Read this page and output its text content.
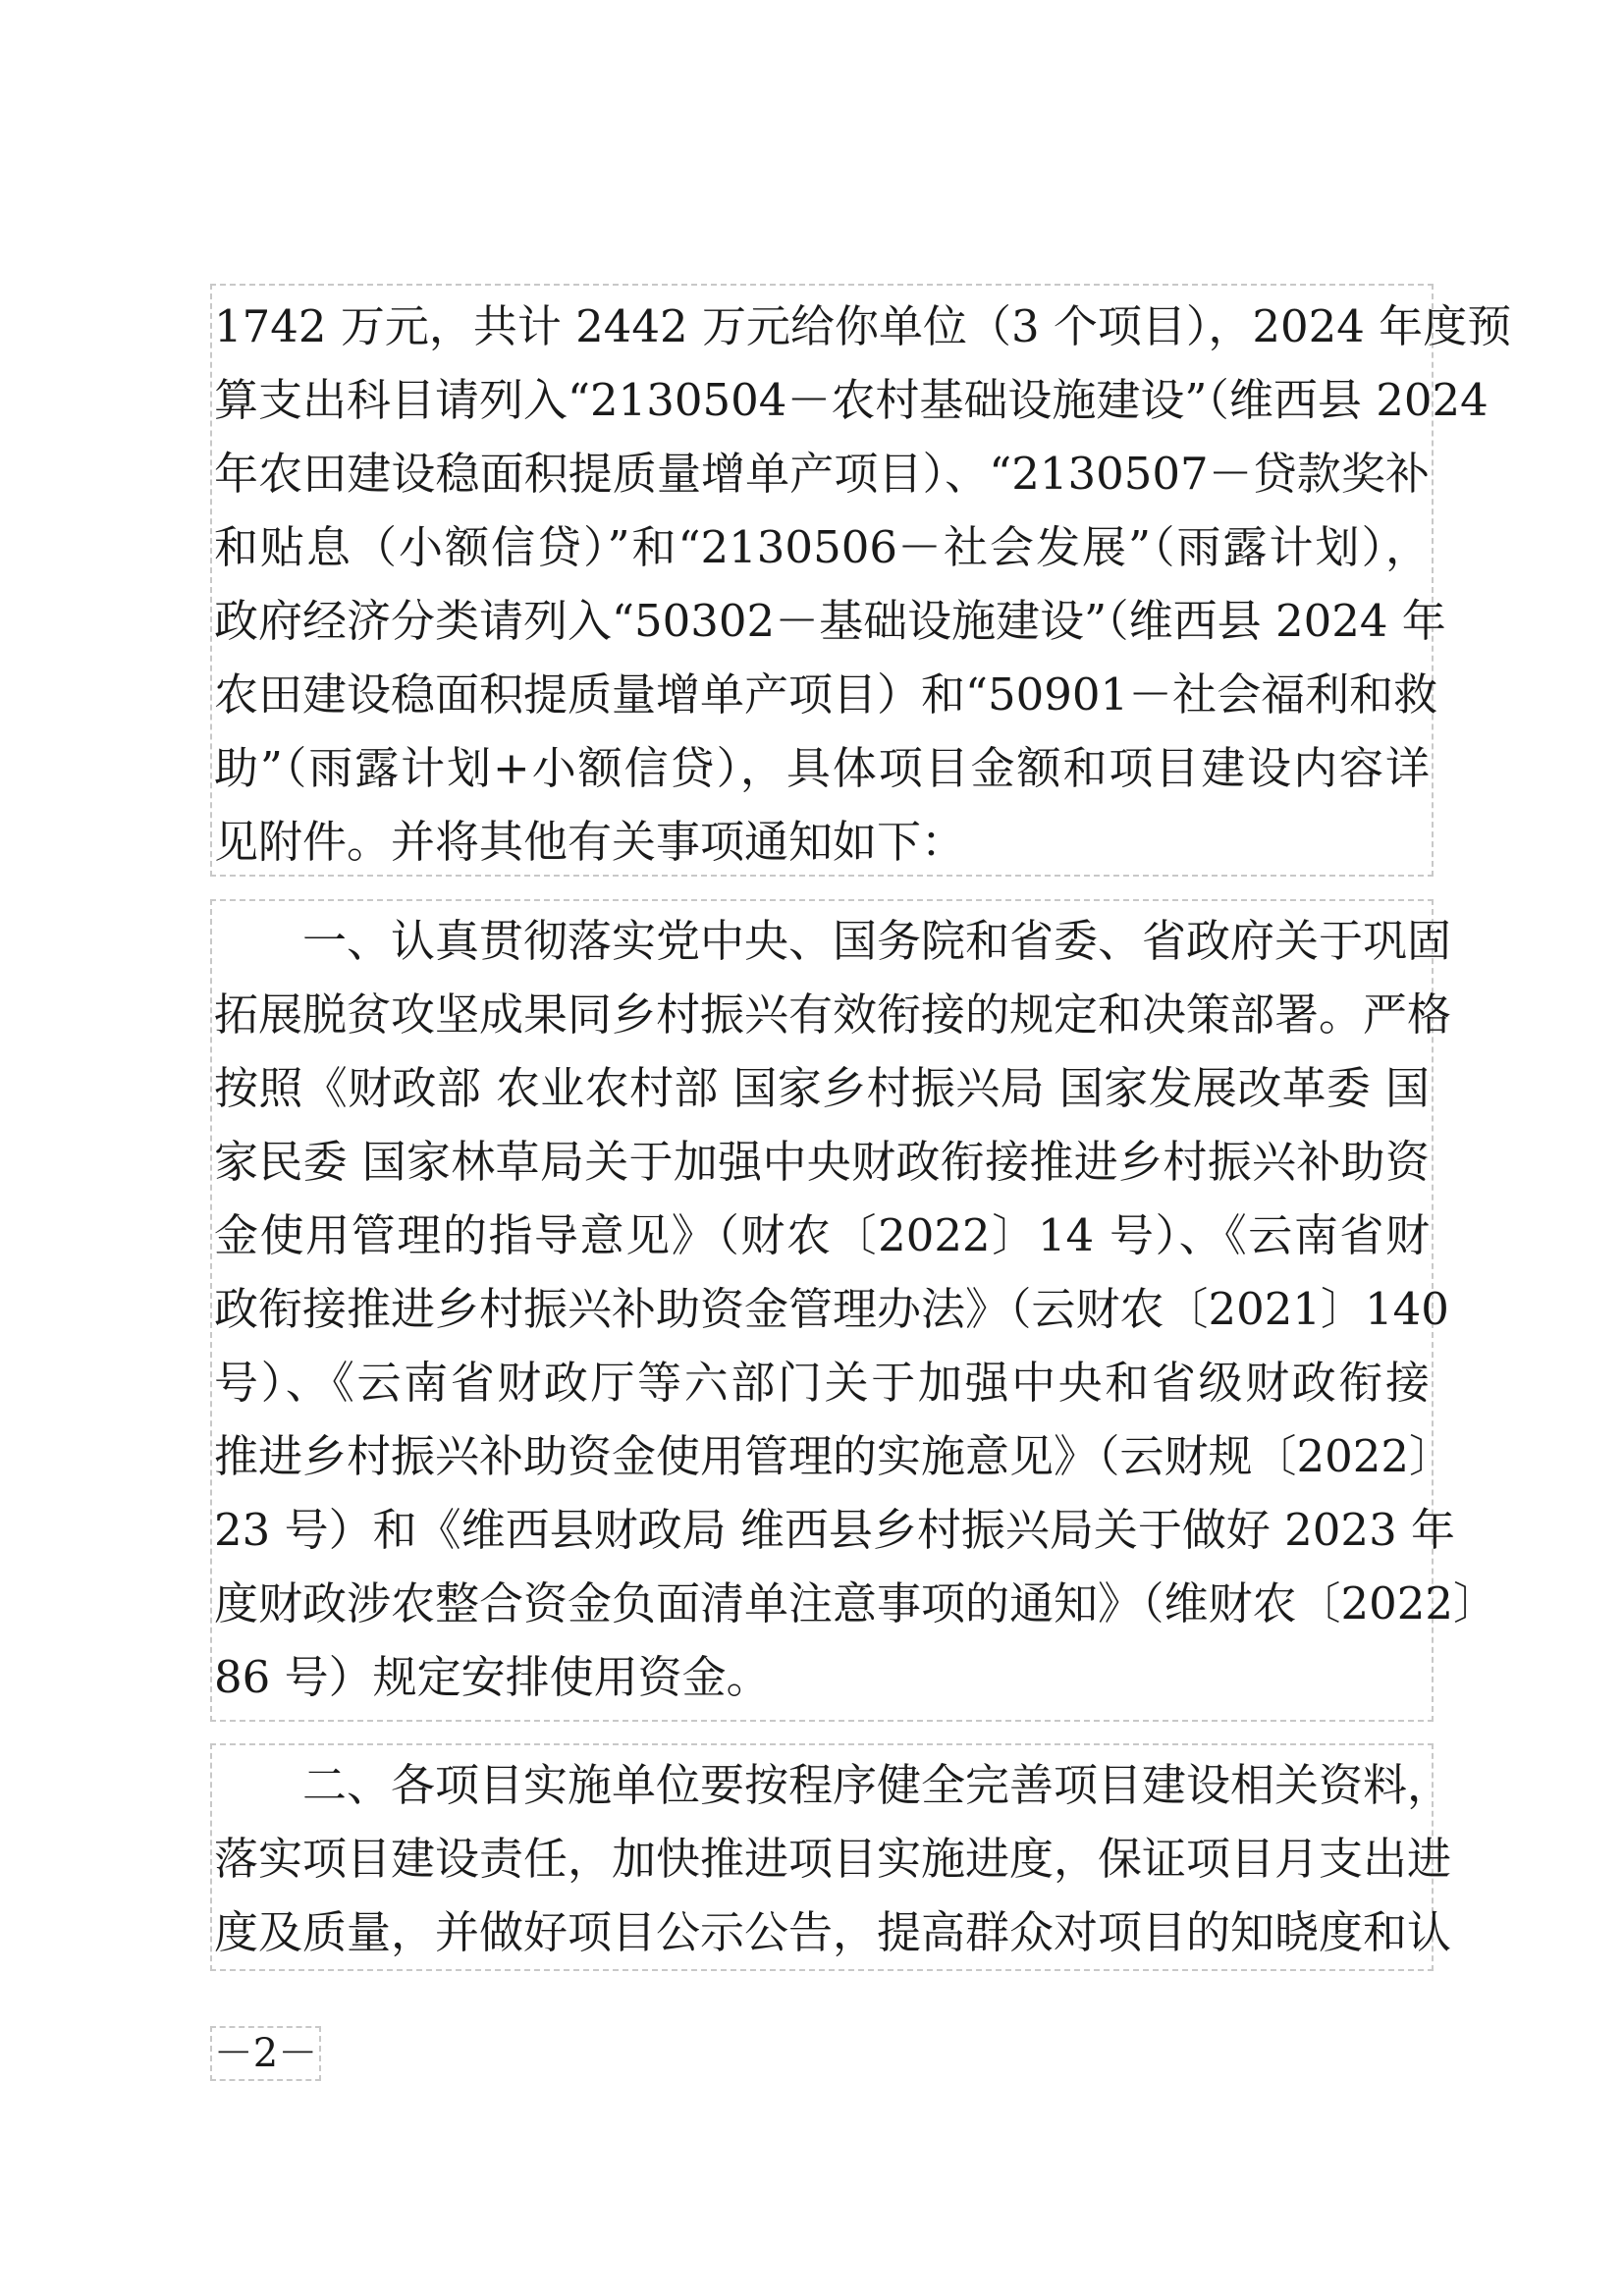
1742 万元，共计 2442 万元给你单位（3 个项目），2024 年度预
算支出科目请列入“2130504－农村基础设施建设”（维西县 2024
年农田建设稳面积提质量增单产项目）、“2130507－贷款奖补
和贴息（小额信贷）”和“2130506－社会发展”（雨露计划），
政府经济分类请列入“50302－基础设施建设”（维西县 2024 年
农田建设稳面积提质量增单产项目）和“50901－社会福利和救
助”（雨露计划+小额信贷），具体项目金额和项目建设内容详
见附件。并将其他有关事项通知如下：
　　一、认真贯彻落实党中央、国务院和省委、省政府关于巩固
拓展脱贫攻坚成果同乡村振兴有效衔接的规定和决策部署。严格
按照《财政部 农业农村部 国家乡村振兴局 国家发展改革委 国
家民委 国家林草局关于加强中央财政衔接推进乡村振兴补助资
金使用管理的指导意见》（财农〔2022〕14 号）、《云南省财
政衔接推进乡村振兴补助资金管理办法》（云财农〔2021〕140
号）、《云南省财政厅等六部门关于加强中央和省级财政衔接
推进乡村振兴补助资金使用管理的实施意见》（云财规〔2022〕
23 号）和《维西县财政局 维西县乡村振兴局关于做好 2023 年
度财政涉农整合资金负面清单注意事项的通知》（维财农〔2022〕
86 号）规定安排使用资金。
　　二、各项目实施单位要按程序健全完善项目建设相关资料，
落实项目建设责任，加快推进项目实施进度，保证项目月支出进
度及质量，并做好项目公示公告，提高群众对项目的知晓度和认
－2－
